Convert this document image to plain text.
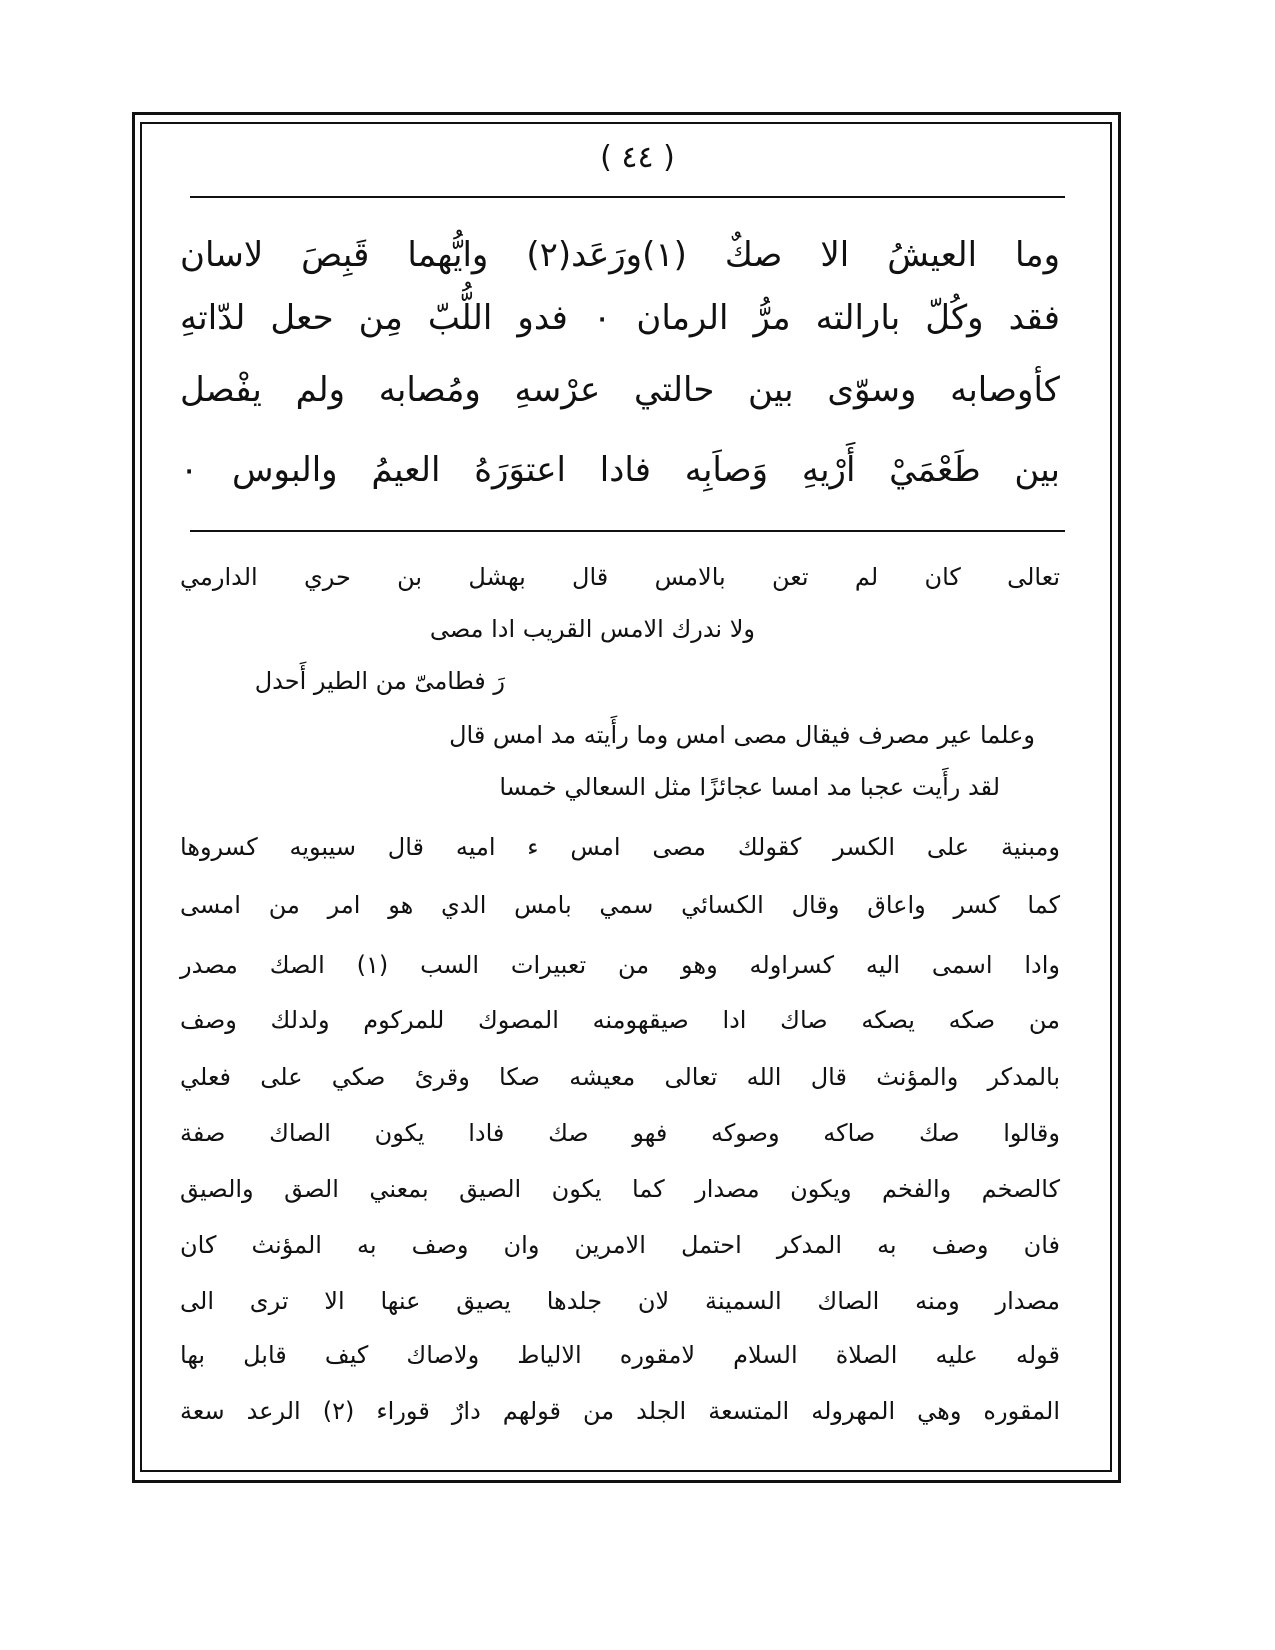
( ٤٤ )
وما العيشُ الا صكٌ (١)ورَعَد(٢) وايُّهما قَبِصَ لاسان
فقد وكُلّ بارالته مرُّ الرمان ٠ فدو اللُّبّ مِن حعل لدّاتهِ
كأوصابه وسوّى بين حالتي عرْسهِ ومُصابه ولم يفْصل
بين طَعْمَيْ أَرْيهِ وَصاَبِه فادا اعتوَرَهُ العيمُ والبوس ٠
تعالى كان لم تعن بالامس قال بهشل بن حري الدارمي
ولا ندرك الامس القريب ادا مصى
رَ فطامىّ من الطير أَحدل
وعلما عير مصرف فيقال مصى امس وما رأَيته مد امس قال
لقد رأَيت عجبا مد امسا عجائزًا مثل السعالي خمسا
ومبنية على الكسر كقولك مصى امس ء اميه قال سيبويه كسروها
كما كسر واعاق وقال الكسائي سمي بامس الدي هو امر من امسى
وادا اسمى اليه كسراوله وهو من تعبيرات السب (١) الصك مصدر
من صكه يصكه صاك ادا صيقهومنه المصوك للمركوم ولدلك وصف
بالمدكر والمؤنث قال الله تعالى معيشه صكا وقرئ صكي على فعلي
وقالوا صك صاكه وصوكه فهو صك فادا يكون الصاك صفة
كالصخم والفخم ويكون مصدار كما يكون الصيق بمعني الصق والصيق
فان وصف به المدكر احتمل الامرين وان وصف به المؤنث كان
مصدار ومنه الصاك السمينة لان جلدها يصيق عنها الا ترى الى
قوله عليه الصلاة السلام لامقوره الالياط ولاصاك كيف قابل بها
المقوره وهي المهروله المتسعة الجلد من قولهم دارٌ قوراء (٢) الرعد سعة
